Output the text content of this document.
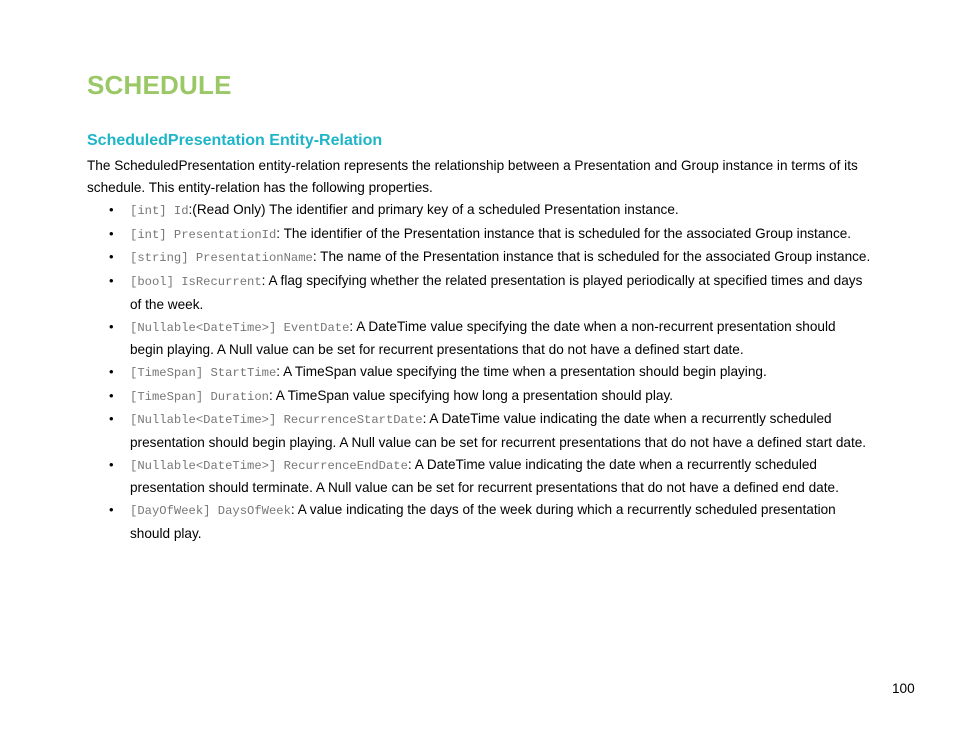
SCHEDULE
ScheduledPresentation Entity-Relation

The ScheduledPresentation entity-relation represents the relationship between a Presentation and Group instance in terms of its schedule. This entity-relation has the following properties.

• [int] Id:(Read Only) The identifier and primary key of a scheduled Presentation instance.
• [int] PresentationId: The identifier of the Presentation instance that is scheduled for the associated Group instance.
• [string] PresentationName: The name of the Presentation instance that is scheduled for the associated Group instance.
• [bool] IsRecurrent: A flag specifying whether the related presentation is played periodically at specified times and days of the week.
• [Nullable<DateTime>] EventDate: A DateTime value specifying the date when a non-recurrent presentation should begin playing. A Null value can be set for recurrent presentations that do not have a defined start date.
• [TimeSpan] StartTime: A TimeSpan value specifying the time when a presentation should begin playing.
• [TimeSpan] Duration: A TimeSpan value specifying how long a presentation should play.
• [Nullable<DateTime>] RecurrenceStartDate: A DateTime value indicating the date when a recurrently scheduled presentation should begin playing. A Null value can be set for recurrent presentations that do not have a defined start date.
• [Nullable<DateTime>] RecurrenceEndDate: A DateTime value indicating the date when a recurrently scheduled presentation should terminate. A Null value can be set for recurrent presentations that do not have a defined end date.
• [DayOfWeek] DaysOfWeek: A value indicating the days of the week during which a recurrently scheduled presentation should play.
100
